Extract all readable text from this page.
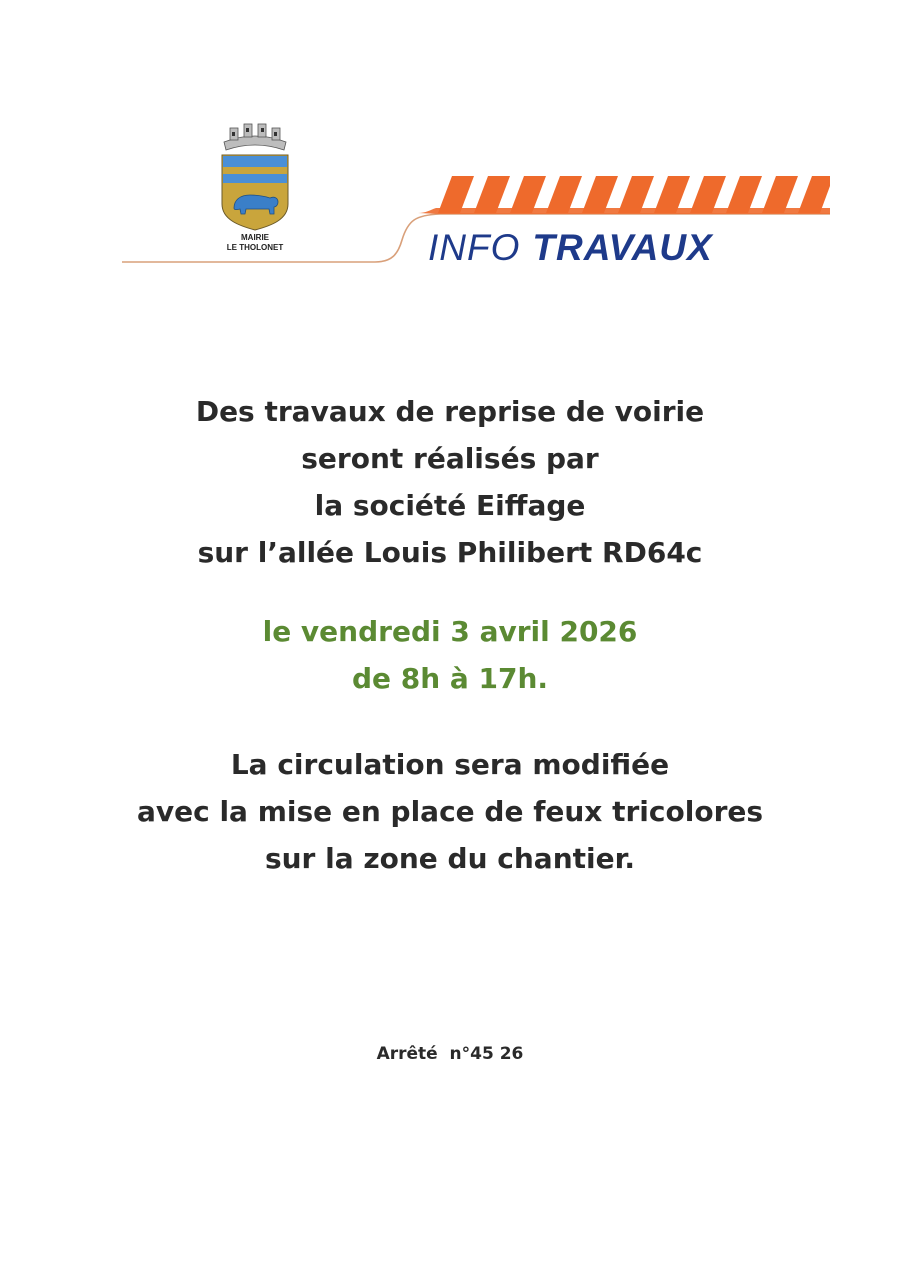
MAIRIE
LE THOLONET	INFO TRAVAUX
Des travaux de reprise de voirie
seront réalisés par
la société Eiffage
sur l’allée Louis Philibert RD64c
le vendredi 3 avril 2026
de 8h à 17h.
La circulation sera modifiée
avec la mise en place de feux tricolores
sur la zone du chantier.
Arrêté  n°45 26
